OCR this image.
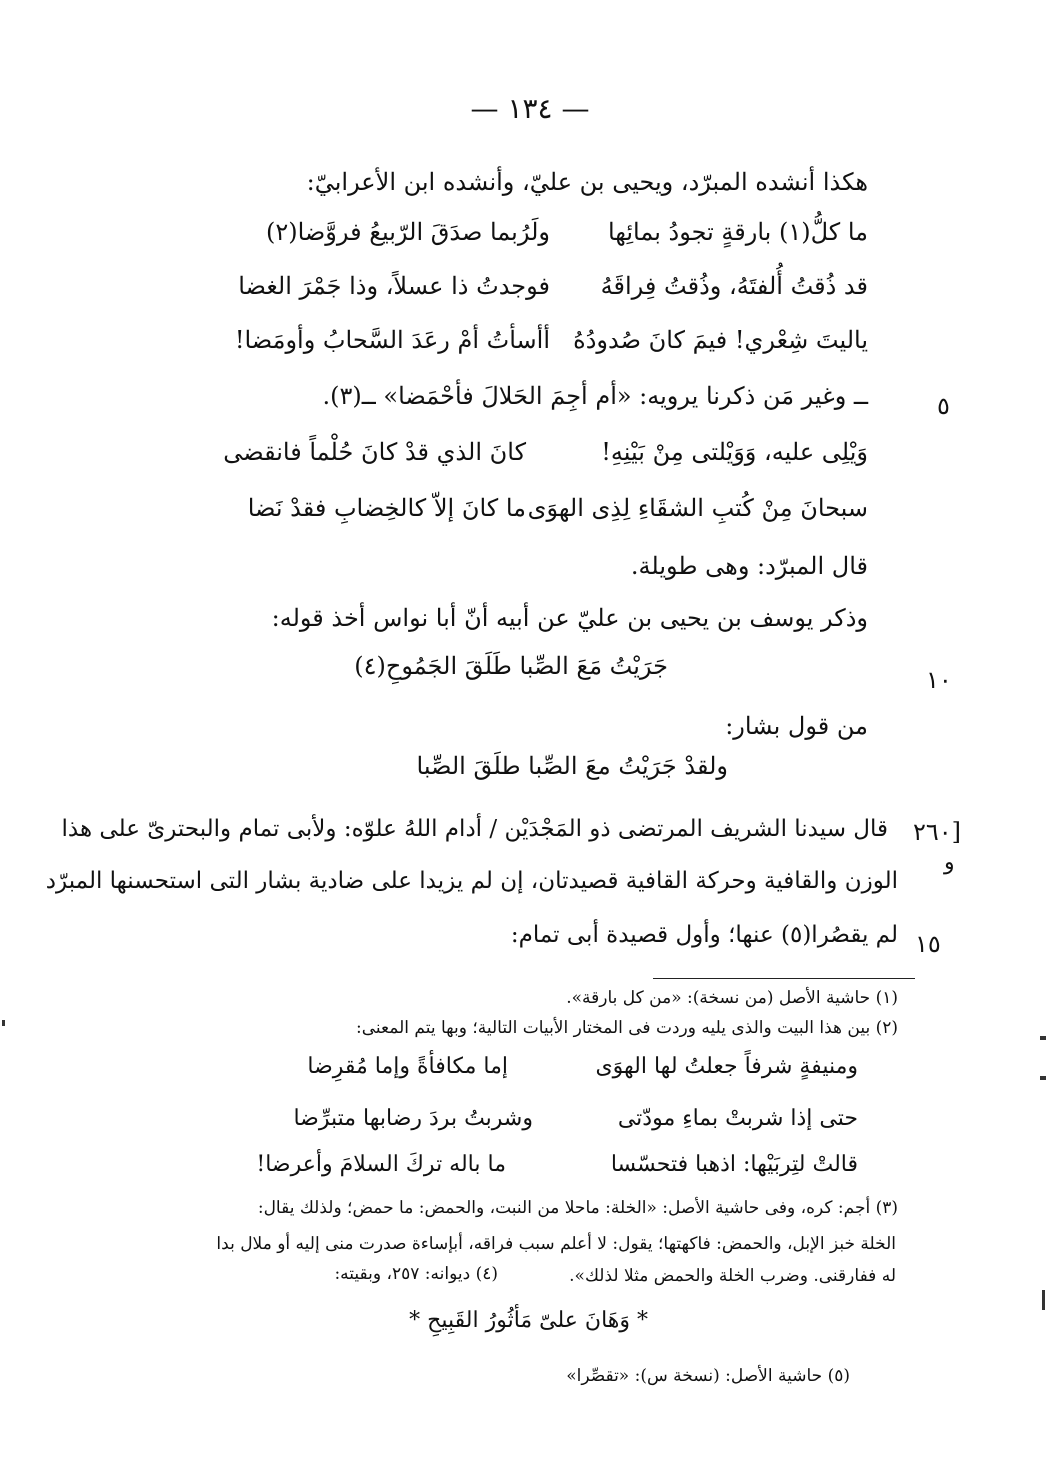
— ١٣٤ —
هكذا أنشده المبرّد، ويحيى بن عليّ، وأنشده ابن الأعرابيّ:
ما كلُّ(١) بارقةٍ تجودُ بمائِها
ولَرُبما صدَقَ الرّبيعُ فروَّضا(٢)
قد ذُقتُ أُلفتَهُ، وذُقتُ فِراقَهُ
فوجدتُ ذا عسلاً، وذا جَمْرَ الغضا
ياليتَ شِعْري! فيمَ كانَ صُدودُهُ
أأسأتُ أمْ رعَدَ السَّحابُ وأومَضا!
٥
ــ وغير مَن ذكرنا يرويه: «أم أجِمَ الحَلالَ فأحْمَضا» ــ(٣).
وَيْلِى عليه، وَوَيْلتى مِنْ بَيْنِهِ!
كانَ الذي قدْ كانَ حُلْماً فانقضى
سبحانَ مِنْ كُتبِ الشقَاءِ لِذِى الهوَى
ما كانَ إلاّ كالخِضابِ فقدْ نَضا
قال المبرّد: وهى طويلة.
وذكر يوسف بن يحيى بن عليّ عن أبيه أنّ أبا نواس أخذ قوله:
١٠
جَرَيْتُ مَعَ الصِّبا طَلَقَ الجَمُوحِ(٤)
من قول بشار:
ولقدْ جَرَيْتُ معَ الصِّبا طلَقَ الصِّبا
[٢٦٠
و
قال سيدنا الشريف المرتضى ذو المَجْدَيْن / أدام اللهُ علوّه: ولأبى تمام والبحترىّ على هذا
الوزن والقافية وحركة القافية قصيدتان، إن لم يزيدا على ضادية بشار التى استحسنها المبرّد
١٥
لم يقصُرا(٥) عنها؛ وأول قصيدة أبى تمام:
(١) حاشية الأصل (من نسخة): «من كل بارقة».
(٢) بين هذا البيت والذى يليه وردت فى المختار الأبيات التالية؛ وبها يتم المعنى:
ومنيفةٍ شرفاً جعلتُ لها الهوَى
إما مكافأةً وإما مُقرِضا
حتى إذا شربتْ بماءِ مودّتى
وشربتُ بردَ رضابها متبرِّضا
قالتْ لتِربَيْها: اذهبا فتحسّسا
ما باله تركَ السلامَ وأعرضا!
(٣) أجم: كره، وفى حاشية الأصل: «الخلة: ماحلا من النبت، والحمض: ما حمض؛ ولذلك يقال:
الخلة خبز الإبل، والحمض: فاكهتها؛ يقول: لا أعلم سبب فراقه، أبإساءة صدرت منى إليه أو ملال بدا
له ففارقنى. وضرب الخلة والحمض مثلا لذلك».
(٤) ديوانه: ٢٥٧، وبقيته:
* وَهَانَ علىّ مَأثُورُ القَبِيحِ *
(٥) حاشية الأصل: (نسخة س): «تقصِّرا»
